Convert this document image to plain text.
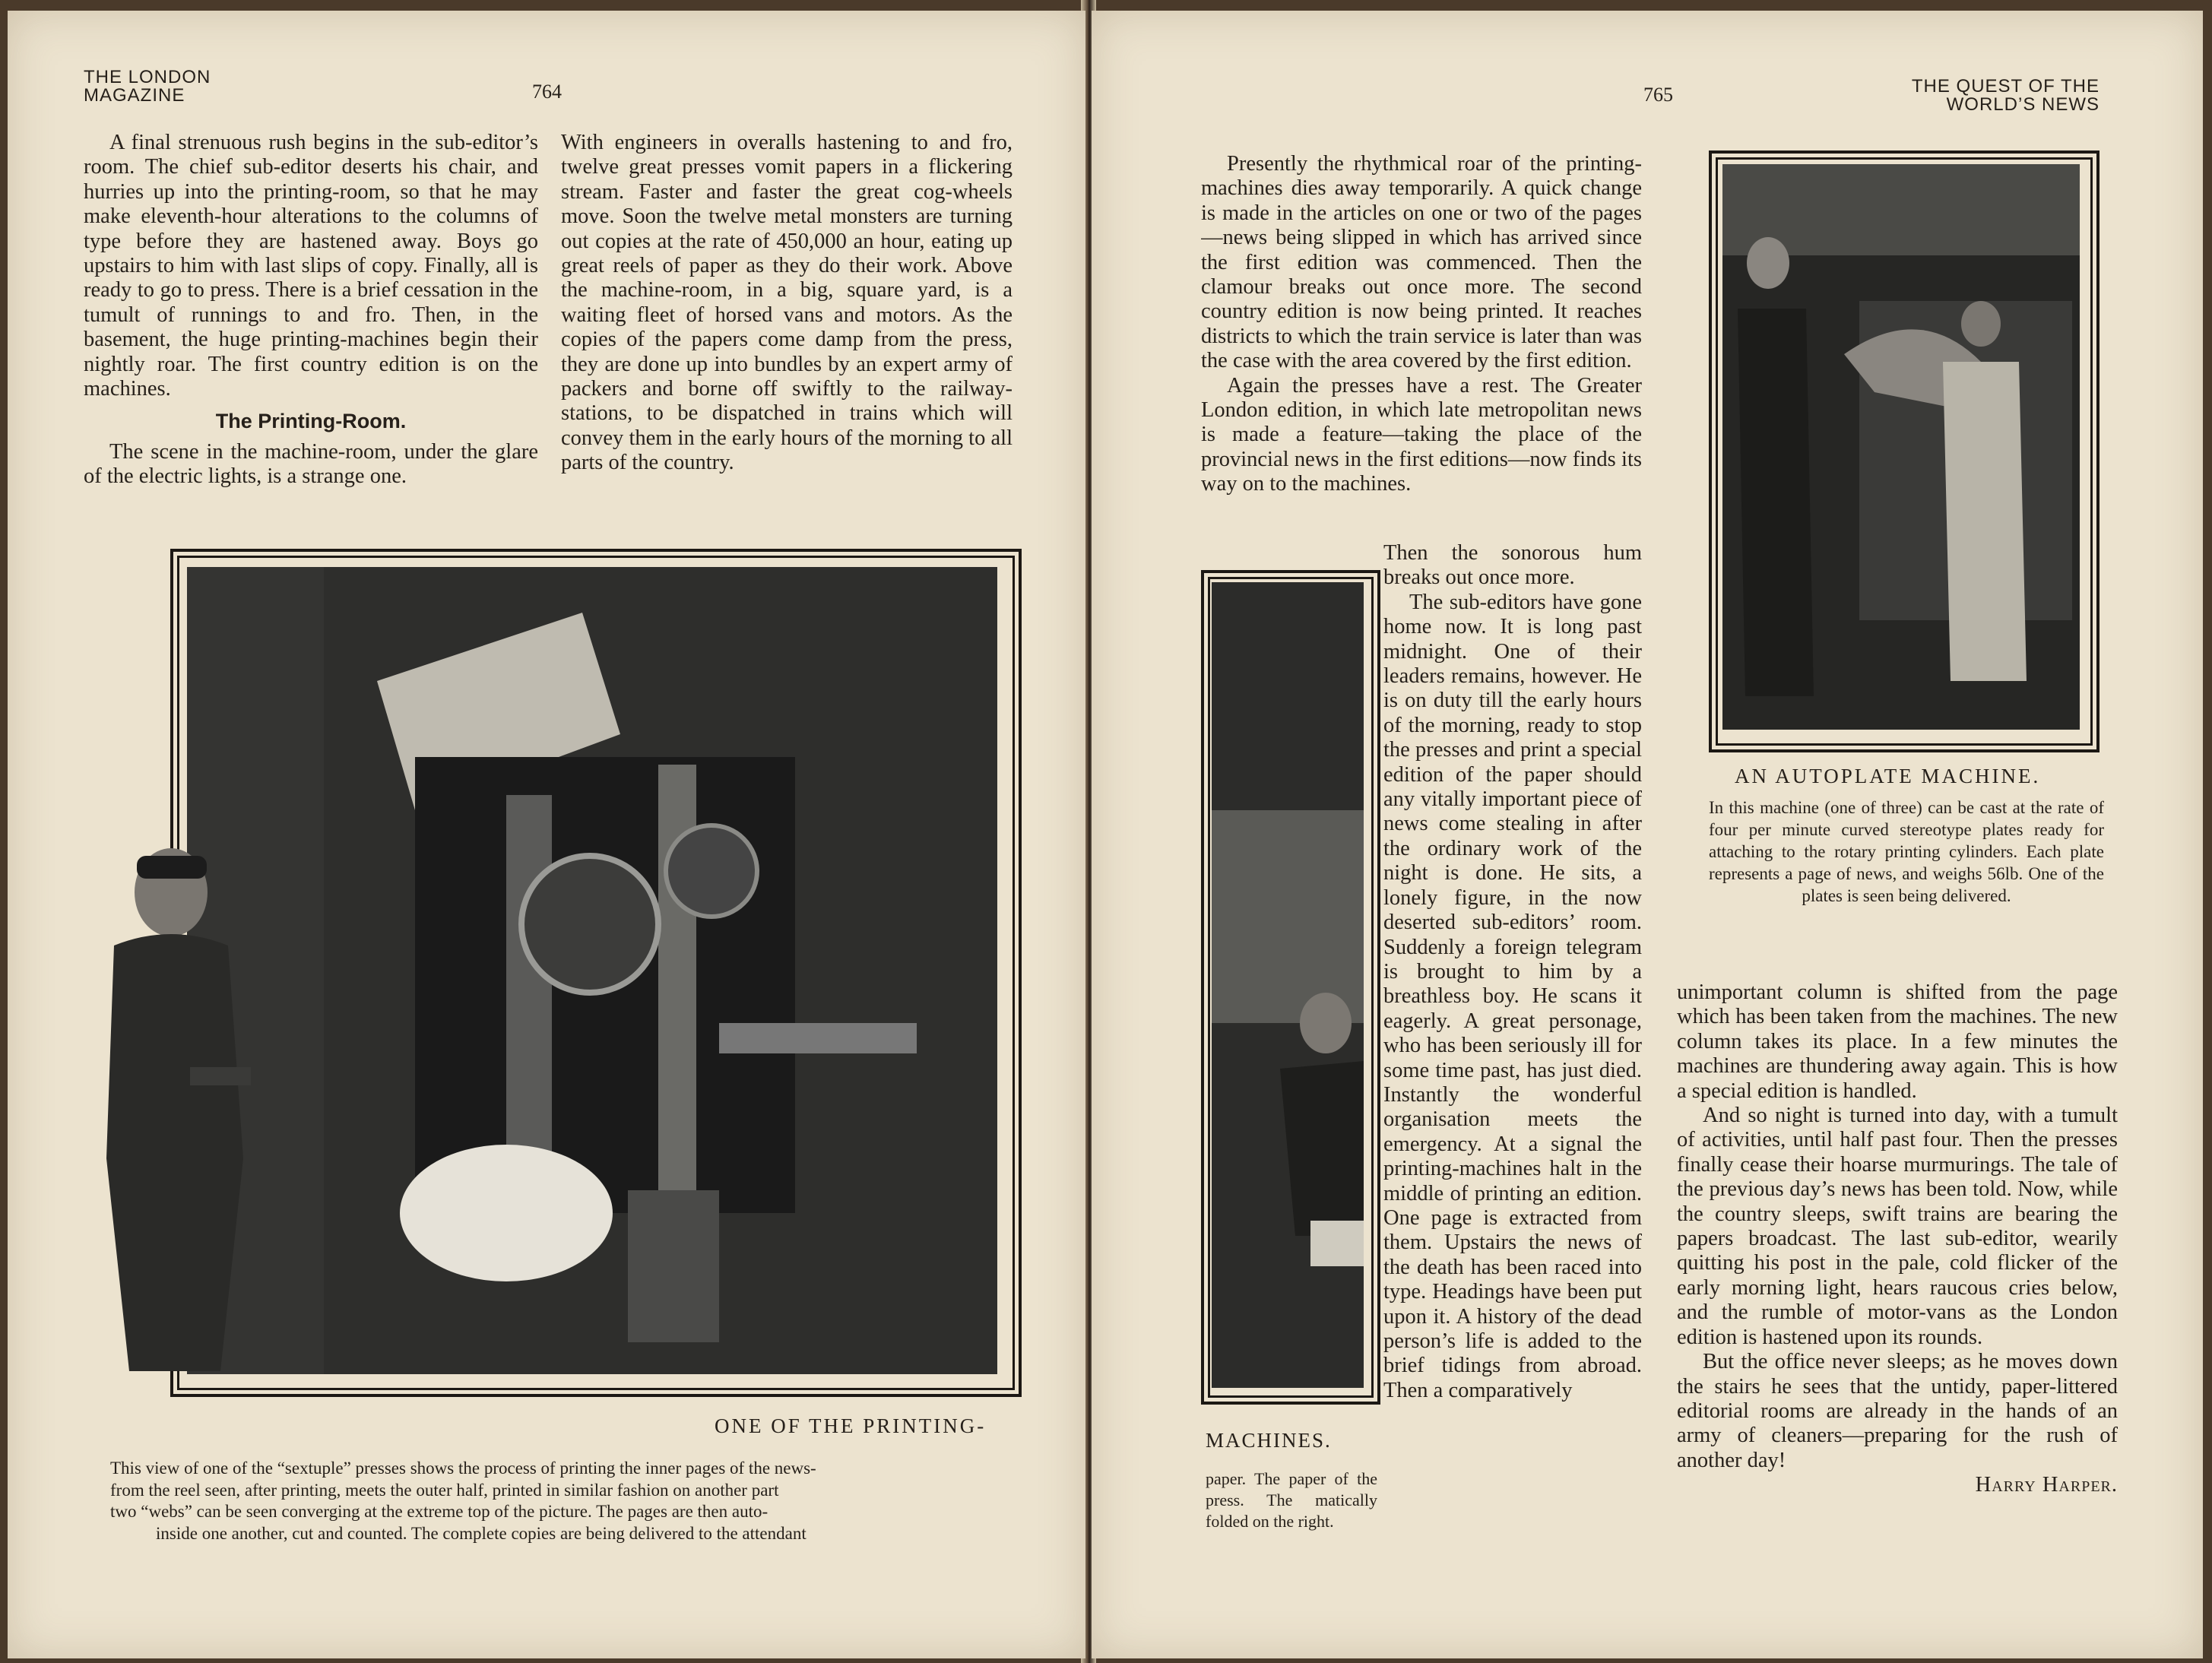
THE LONDON MAGAZINE	764

A final strenuous rush begins in the sub-editor’s room. The chief sub-editor deserts his chair, and hurries up into the printing-room, so that he may make eleventh-hour alterations to the columns of type before they are hastened away. Boys go upstairs to him with last slips of copy. Finally, all is ready to go to press. There is a brief cessation in the tumult of runnings to and fro. Then, in the basement, the huge printing-machines begin their nightly roar. The first country edition is on the machines.

The Printing-Room.

The scene in the machine-room, under the glare of the electric lights, is a strange one.

With engineers in overalls hastening to and fro, twelve great presses vomit papers in a flickering stream. Faster and faster the great cog-wheels move. Soon the twelve metal monsters are turning out copies at the rate of 450,000 an hour, eating up great reels of paper as they do their work. Above the machine-room, in a big, square yard, is a waiting fleet of horsed vans and motors. As the copies of the papers come damp from the press, they are done up into bundles by an expert army of packers and borne off swiftly to the railway-stations, to be dispatched in trains which will convey them in the early hours of the morning to all parts of the country.

ONE OF THE PRINTING-
This view of one of the “sextuple” presses shows the process of printing the inner pages of the news-
from the reel seen, after printing, meets the outer half, printed in similar fashion on another part
two “webs” can be seen converging at the extreme top of the picture. The pages are then auto-
inside one another, cut and counted. The complete copies are being delivered to the attendant
765	THE QUEST OF THE WORLD’S NEWS

Presently the rhythmical roar of the printing-machines dies away temporarily. A quick change is made in the articles on one or two of the pages—news being slipped in which has arrived since the first edition was commenced. Then the clamour breaks out once more. The second country edition is now being printed. It reaches districts to which the train service is later than was the case with the area covered by the first edition.

Again the presses have a rest. The Greater London edition, in which late metropolitan news is made a feature—taking the place of the provincial news in the first editions—now finds its way on to the machines.

Then the sonorous hum breaks out once more.

The sub-editors have gone home now. It is long past midnight. One of their leaders remains, however. He is on duty till the early hours of the morning, ready to stop the presses and print a special edition of the paper should any vitally important piece of news come stealing in after the ordinary work of the night is done. He sits, a lonely figure, in the now deserted sub-editors’ room. Suddenly a foreign telegram is brought to him by a breathless boy. He scans it eagerly. A great personage, who has been seriously ill for some time past, has just died. Instantly the wonderful organisation meets the emergency. At a signal the printing-machines halt in the middle of printing an edition. One page is extracted from them. Upstairs the news of the death has been raced into type. Headings have been put upon it. A history of the dead person’s life is added to the brief tidings from abroad. Then a comparatively

MACHINES.
paper. The paper of the press. The matically folded on the right.
AN AUTOPLATE MACHINE.
In this machine (one of three) can be cast at the rate of four per minute curved stereotype plates ready for attaching to the rotary printing cylinders. Each plate represents a page of news, and weighs 56lb. One of the plates is seen being delivered.

unimportant column is shifted from the page which has been taken from the machines. The new column takes its place. In a few minutes the machines are thundering away again. This is how a special edition is handled.

And so night is turned into day, with a tumult of activities, until half past four. Then the presses finally cease their hoarse murmurings. The tale of the previous day’s news has been told. Now, while the country sleeps, swift trains are bearing the papers broadcast. The last sub-editor, wearily quitting his post in the pale, cold flicker of the early morning light, hears raucous cries below, and the rumble of motor-vans as the London edition is hastened upon its rounds.

But the office never sleeps; as he moves down the stairs he sees that the untidy, paper-littered editorial rooms are already in the hands of an army of cleaners—preparing for the rush of another day!

Harry Harper.
